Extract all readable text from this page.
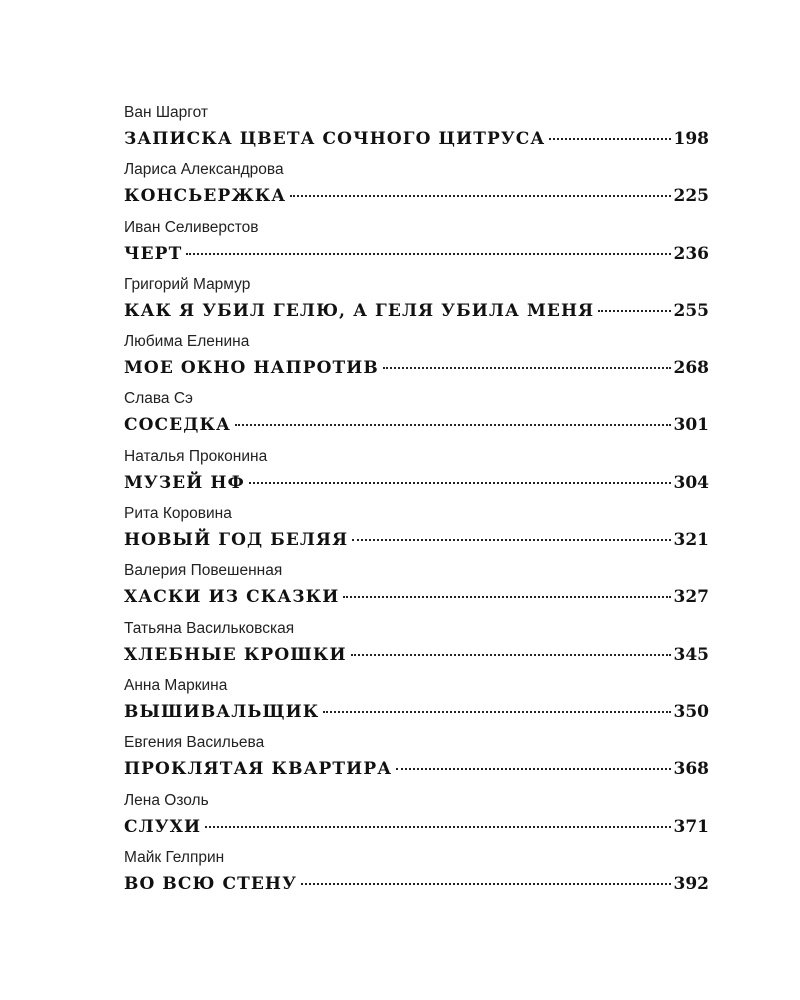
Ван Шаргот
ЗАПИСКА ЦВЕТА СОЧНОГО ЦИТРУСА	198
Лариса Александрова
КОНСЬЕРЖКА	225
Иван Селиверстов
ЧЕРТ	236
Григорий Мармур
КАК Я УБИЛ ГЕЛЮ, А ГЕЛЯ УБИЛА МЕНЯ	255
Любима Еленина
МОЕ ОКНО НАПРОТИВ	268
Слава Сэ
СОСЕДКА	301
Наталья Проконина
МУЗЕЙ НФ	304
Рита Коровина
НОВЫЙ ГОД БЕЛЯЯ	321
Валерия Повешенная
ХАСКИ ИЗ СКАЗКИ	327
Татьяна Васильковская
ХЛЕБНЫЕ КРОШКИ	345
Анна Маркина
ВЫШИВАЛЬЩИК	350
Евгения Васильева
ПРОКЛЯТАЯ КВАРТИРА	368
Лена Озоль
СЛУХИ	371
Майк Гелприн
ВО ВСЮ СТЕНУ	392
